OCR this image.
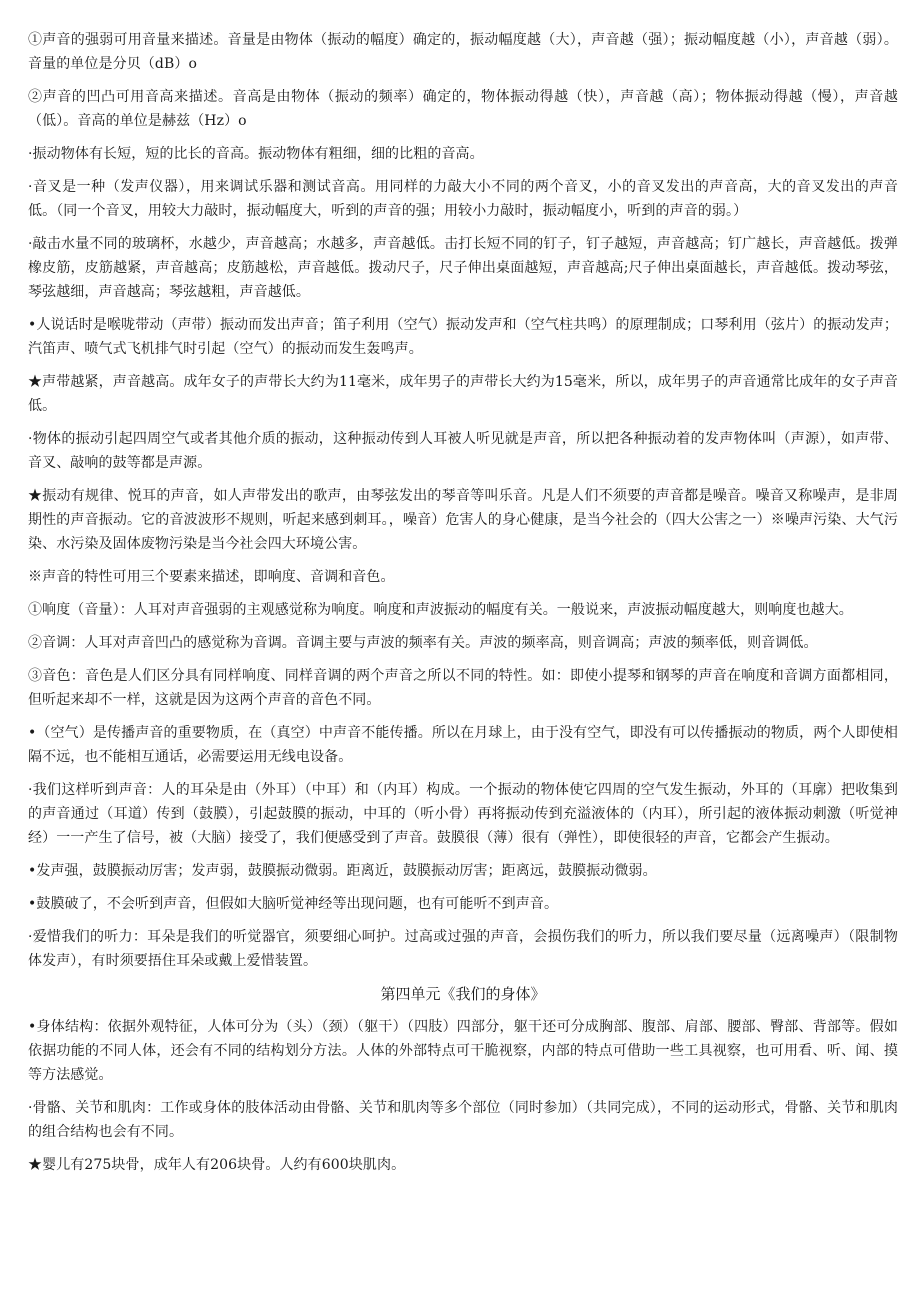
①声音的强弱可用音量来描述。音量是由物体（振动的幅度）确定的，振动幅度越（大），声音越（强）；振动幅度越（小），声音越（弱）。音量的单位是分贝（dB）o

②声音的凹凸可用音高来描述。音高是由物体（振动的频率）确定的，物体振动得越（快），声音越（高）；物体振动得越（慢），声音越（低）。音高的单位是赫兹（Hz）o

·振动物体有长短，短的比长的音高。振动物体有粗细，细的比粗的音高。

·音叉是一种（发声仪器），用来调试乐器和测试音高。用同样的力敲大小不同的两个音叉，小的音叉发出的声音高，大的音叉发出的声音低。（同一个音叉，用较大力敲时，振动幅度大，听到的声音的强；用较小力敲时，振动幅度小，听到的声音的弱。）

·敲击水量不同的玻璃杯，水越少，声音越高；水越多，声音越低。击打长短不同的钉子，钉子越短，声音越高；钉广越长，声音越低。拨弹橡皮筋，皮筋越紧，声音越高；皮筋越松，声音越低。拨动尺子，尺子伸出桌面越短，声音越高;尺子伸出桌面越长，声音越低。拨动琴弦，琴弦越细，声音越高；琴弦越粗，声音越低。

•人说话时是喉咙带动（声带）振动而发出声音；笛子利用（空气）振动发声和（空气柱共鸣）的原理制成；口琴利用（弦片）的振动发声；汽笛声、喷气式飞机排气时引起（空气）的振动而发生轰鸣声。

★声带越紧，声音越高。成年女子的声带长大约为11毫米，成年男子的声带长大约为15毫米，所以，成年男子的声音通常比成年的女子声音低。

·物体的振动引起四周空气或者其他介质的振动，这种振动传到人耳被人听见就是声音，所以把各种振动着的发声物体叫（声源），如声带、音叉、敲响的鼓等都是声源。

★振动有规律、悦耳的声音，如人声带发出的歌声，由琴弦发出的琴音等叫乐音。凡是人们不须要的声音都是噪音。噪音又称噪声，是非周期性的声音振动。它的音波波形不规则，听起来感到刺耳。，噪音）危害人的身心健康，是当今社会的（四大公害之一）※噪声污染、大气污染、水污染及固体废物污染是当今社会四大环境公害。

※声音的特性可用三个要素来描述，即响度、音调和音色。

①响度（音量）：人耳对声音强弱的主观感觉称为响度。响度和声波振动的幅度有关。一般说来，声波振动幅度越大，则响度也越大。

②音调：人耳对声音凹凸的感觉称为音调。音调主要与声波的频率有关。声波的频率高，则音调高；声波的频率低，则音调低。

③音色：音色是人们区分具有同样响度、同样音调的两个声音之所以不同的特性。如：即使小提琴和钢琴的声音在响度和音调方面都相同，但听起来却不一样，这就是因为这两个声音的音色不同。

•（空气）是传播声音的重要物质，在（真空）中声音不能传播。所以在月球上，由于没有空气，即没有可以传播振动的物质，两个人即使相隔不远，也不能相互通话，必需要运用无线电设备。

·我们这样听到声音：人的耳朵是由（外耳）（中耳）和（内耳）构成。一个振动的物体使它四周的空气发生振动，外耳的（耳廓）把收集到的声音通过（耳道）传到（鼓膜），引起鼓膜的振动，中耳的（听小骨）再将振动传到充溢液体的（内耳），所引起的液体振动刺激（听觉神经）一一产生了信号，被（大脑）接受了，我们便感受到了声音。鼓膜很（薄）很有（弹性），即使很轻的声音，它都会产生振动。

•发声强，鼓膜振动厉害；发声弱，鼓膜振动微弱。距离近，鼓膜振动厉害；距离远，鼓膜振动微弱。

•鼓膜破了，不会听到声音，但假如大脑听觉神经等出现问题，也有可能听不到声音。

·爱惜我们的听力：耳朵是我们的听觉器官，须要细心呵护。过高或过强的声音，会损伤我们的听力，所以我们要尽量（远离噪声）（限制物体发声），有时须要捂住耳朵或戴上爱惜装置。

第四单元《我们的身体》

•身体结构：依据外观特征，人体可分为（头）（颈）（躯干）（四肢）四部分，躯干还可分成胸部、腹部、肩部、腰部、臀部、背部等。假如依据功能的不同人体，还会有不同的结构划分方法。人体的外部特点可干脆视察，内部的特点可借助一些工具视察，也可用看、听、闻、摸等方法感觉。

·骨骼、关节和肌肉：工作或身体的肢体活动由骨骼、关节和肌肉等多个部位（同时参加）（共同完成），不同的运动形式，骨骼、关节和肌肉的组合结构也会有不同。

★婴儿有275块骨，成年人有206块骨。人约有600块肌肉。
